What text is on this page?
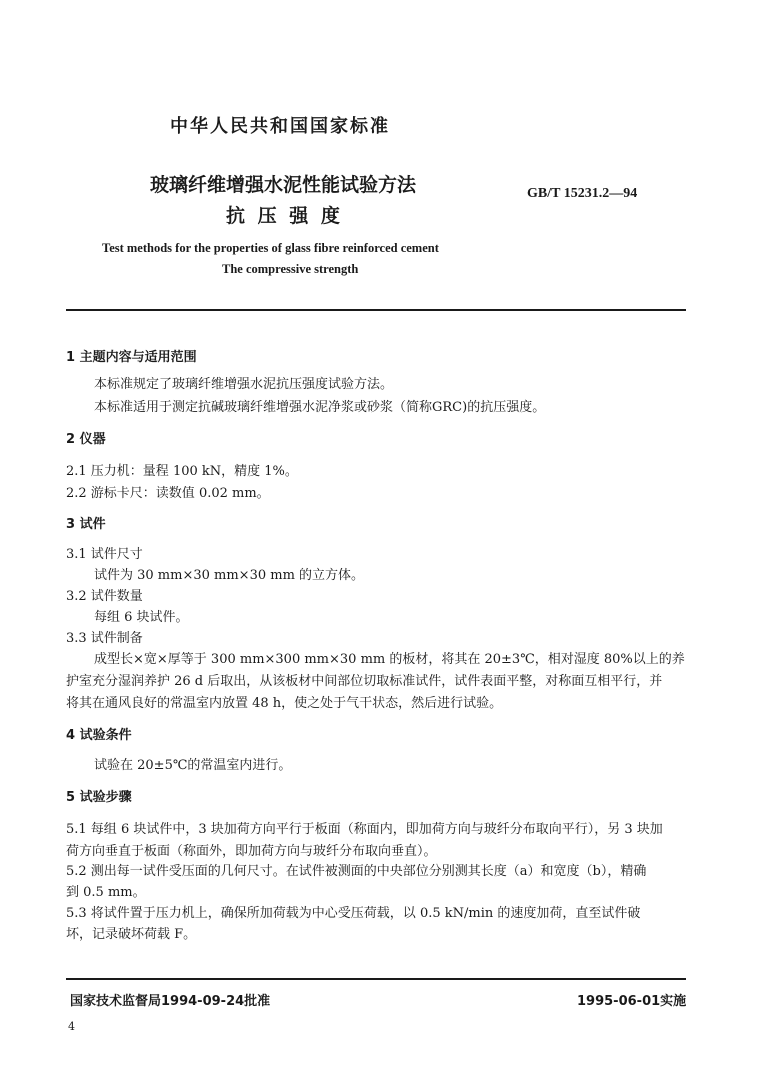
中华人民共和国国家标准
玻璃纤维增强水泥性能试验方法
抗 压 强 度
GB/T 15231.2—94
Test methods for the properties of glass fibre reinforced cement
The compressive strength
1 主题内容与适用范围
本标准规定了玻璃纤维增强水泥抗压强度试验方法。
本标准适用于测定抗碱玻璃纤维增强水泥净浆或砂浆（简称GRC)的抗压强度。
2 仪器
2.1 压力机：量程 100 kN，精度 1%。
2.2 游标卡尺：读数值 0.02 mm。
3 试件
3.1 试件尺寸
试件为 30 mm×30 mm×30 mm 的立方体。
3.2 试件数量
每组 6 块试件。
3.3 试件制备
成型长×宽×厚等于 300 mm×300 mm×30 mm 的板材，将其在 20±3℃，相对湿度 80%以上的养
护室充分湿润养护 26 d 后取出，从该板材中间部位切取标准试件，试件表面平整，对称面互相平行，并
将其在通风良好的常温室内放置 48 h，使之处于气干状态，然后进行试验。
4 试验条件
试验在 20±5℃的常温室内进行。
5 试验步骤
5.1 每组 6 块试件中，3 块加荷方向平行于板面（称面内，即加荷方向与玻纤分布取向平行），另 3 块加
荷方向垂直于板面（称面外，即加荷方向与玻纤分布取向垂直）。
5.2 测出每一试件受压面的几何尺寸。在试件被测面的中央部位分别测其长度（a）和宽度（b），精确
到 0.5 mm。
5.3 将试件置于压力机上，确保所加荷载为中心受压荷载，以 0.5 kN/min 的速度加荷，直至试件破
坏，记录破坏荷载 F。
国家技术监督局1994-09-24批准	1995-06-01实施
4
